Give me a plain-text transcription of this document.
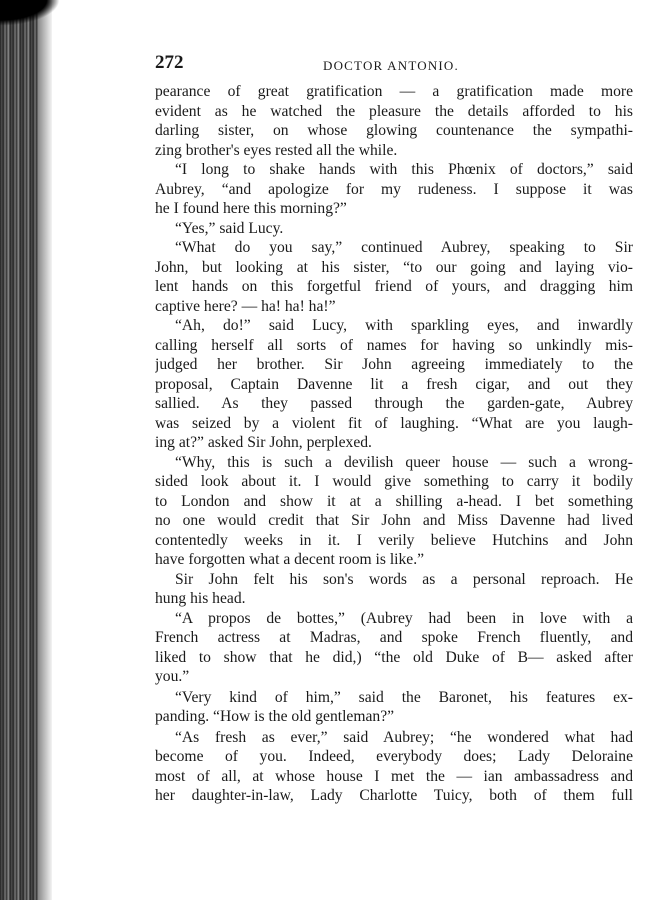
272	DOCTOR ANTONIO.
pearance of great gratification — a gratification made more
evident as he watched the pleasure the details afforded to his
darling sister, on whose glowing countenance the sympathi-
zing brother's eyes rested all the while.
“I long to shake hands with this Phœnix of doctors,” said
Aubrey, “and apologize for my rudeness. I suppose it was
he I found here this morning?”
“Yes,” said Lucy.
“What do you say,” continued Aubrey, speaking to Sir
John, but looking at his sister, “to our going and laying vio-
lent hands on this forgetful friend of yours, and dragging him
captive here? — ha! ha! ha!”
“Ah, do!” said Lucy, with sparkling eyes, and inwardly
calling herself all sorts of names for having so unkindly mis-
judged her brother. Sir John agreeing immediately to the
proposal, Captain Davenne lit a fresh cigar, and out they
sallied. As they passed through the garden-gate, Aubrey
was seized by a violent fit of laughing. “What are you laugh-
ing at?” asked Sir John, perplexed.
“Why, this is such a devilish queer house — such a wrong-
sided look about it. I would give something to carry it bodily
to London and show it at a shilling a-head. I bet something
no one would credit that Sir John and Miss Davenne had lived
contentedly weeks in it. I verily believe Hutchins and John
have forgotten what a decent room is like.”
Sir John felt his son's words as a personal reproach. He
hung his head.
“A propos de bottes,” (Aubrey had been in love with a
French actress at Madras, and spoke French fluently, and
liked to show that he did,) “the old Duke of B— asked after
you.”
“Very kind of him,” said the Baronet, his features ex-
panding. “How is the old gentleman?”
“As fresh as ever,” said Aubrey; “he wondered what had
become of you. Indeed, everybody does; Lady Deloraine
most of all, at whose house I met the — ian ambassadress and
her daughter-in-law, Lady Charlotte Tuicy, both of them full
